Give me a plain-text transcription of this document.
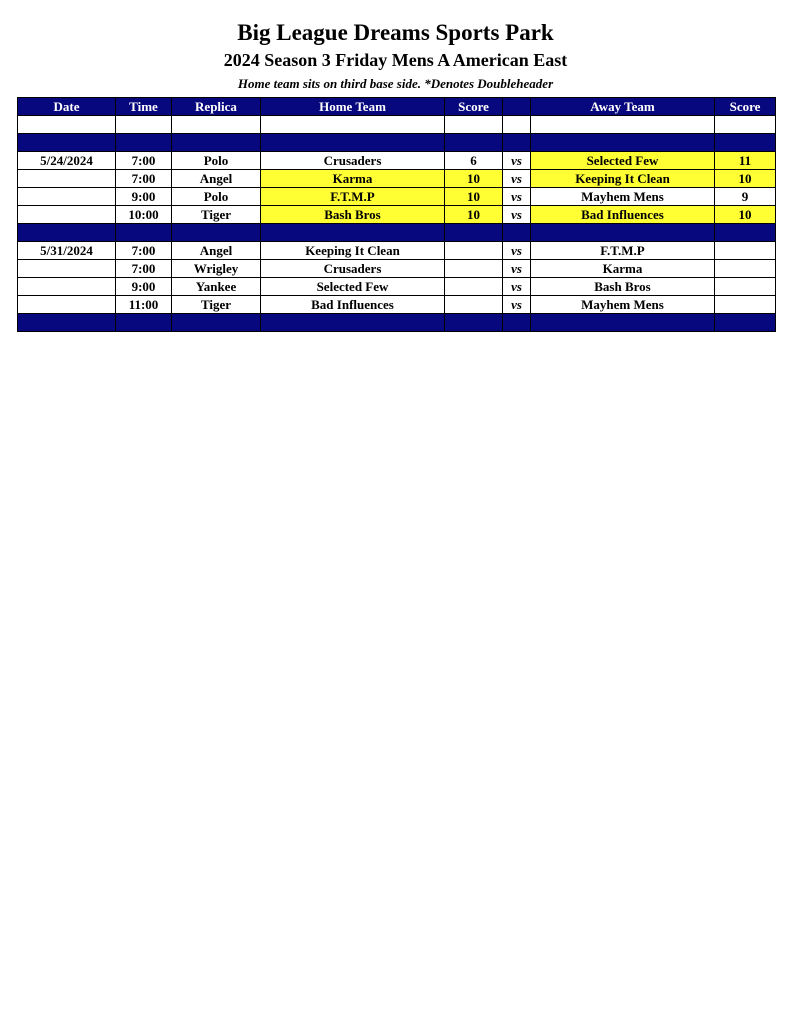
Big League Dreams Sports Park
2024 Season 3 Friday Mens A American East
Home team sits on third base side. *Denotes Doubleheader
Date	Time	Replica	Home Team	Score		Away Team	Score

5/24/2024	7:00	Polo	Crusaders	6	vs	Selected Few	11
	7:00	Angel	Karma	10	vs	Keeping It Clean	10
	9:00	Polo	F.T.M.P	10	vs	Mayhem Mens	9
	10:00	Tiger	Bash Bros	10	vs	Bad Influences	10

5/31/2024	7:00	Angel	Keeping It Clean		vs	F.T.M.P	
	7:00	Wrigley	Crusaders		vs	Karma	
	9:00	Yankee	Selected Few		vs	Bash Bros	
	11:00	Tiger	Bad Influences		vs	Mayhem Mens	
